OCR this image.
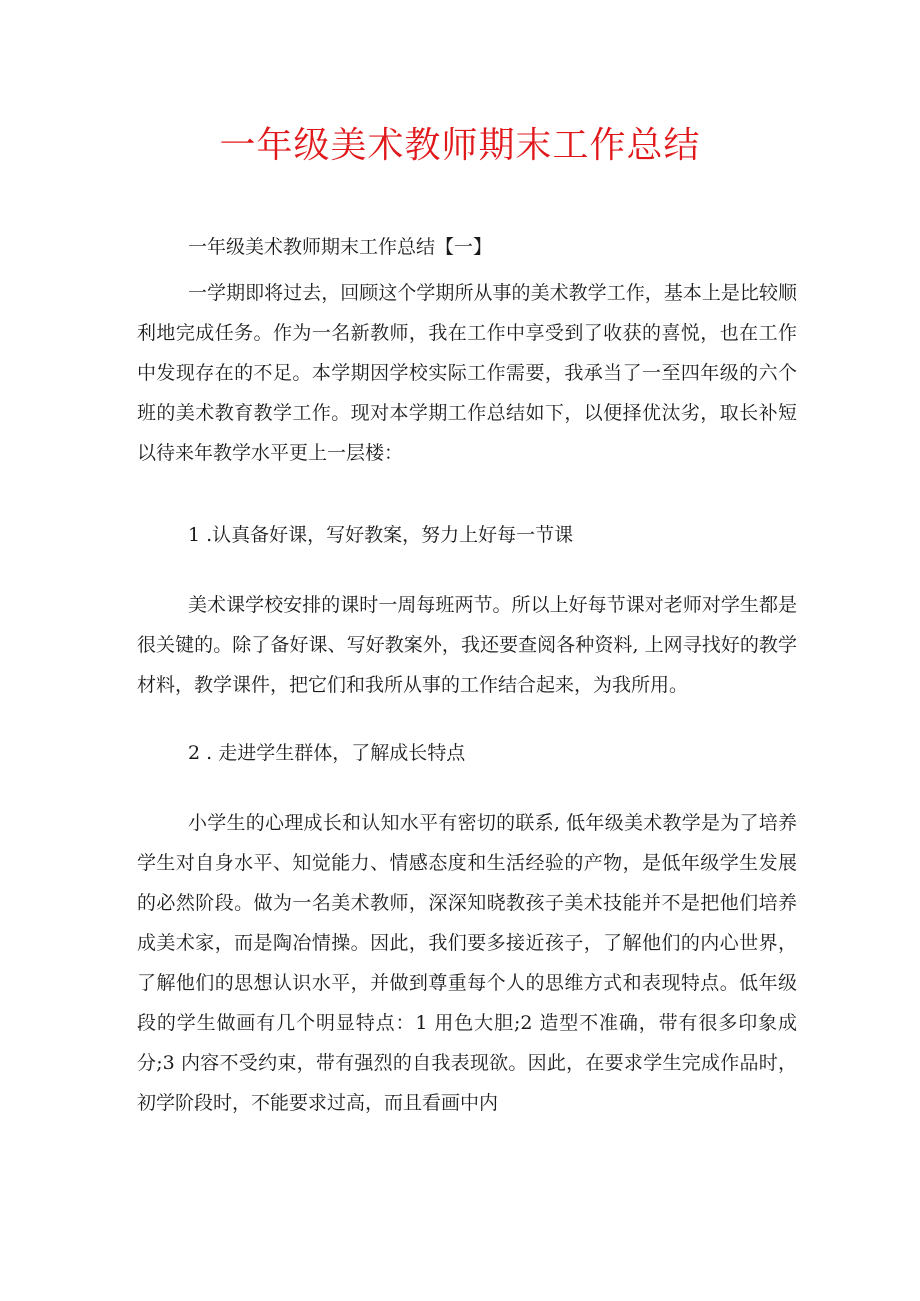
一年级美术教师期末工作总结

一年级美术教师期末工作总结【一】

一学期即将过去，回顾这个学期所从事的美术教学工作，基本上是比较顺利地完成任务。作为一名新教师，我在工作中享受到了收获的喜悦，也在工作中发现存在的不足。本学期因学校实际工作需要，我承当了一至四年级的六个班的美术教育教学工作。现对本学期工作总结如下，以便择优汰劣，取长补短以待来年教学水平更上一层楼：

1 .认真备好课，写好教案，努力上好每一节课

美术课学校安排的课时一周每班两节。所以上好每节课对老师对学生都是很关键的。除了备好课、写好教案外，我还要查阅各种资料, 上网寻找好的教学材料，教学课件，把它们和我所从事的工作结合起来，为我所用。

2 . 走进学生群体，了解成长特点

小学生的心理成长和认知水平有密切的联系, 低年级美术教学是为了培养学生对自身水平、知觉能力、情感态度和生活经验的产物，是低年级学生发展的必然阶段。做为一名美术教师，深深知晓教孩子美术技能并不是把他们培养成美术家，而是陶冶情操。因此，我们要多接近孩子，了解他们的内心世界，了解他们的思想认识水平，并做到尊重每个人的思维方式和表现特点。低年级段的学生做画有几个明显特点：1 用色大胆;2 造型不准确，带有很多印象成分;3 内容不受约束，带有强烈的自我表现欲。因此，在要求学生完成作品时，初学阶段时，不能要求过高，而且看画中内
